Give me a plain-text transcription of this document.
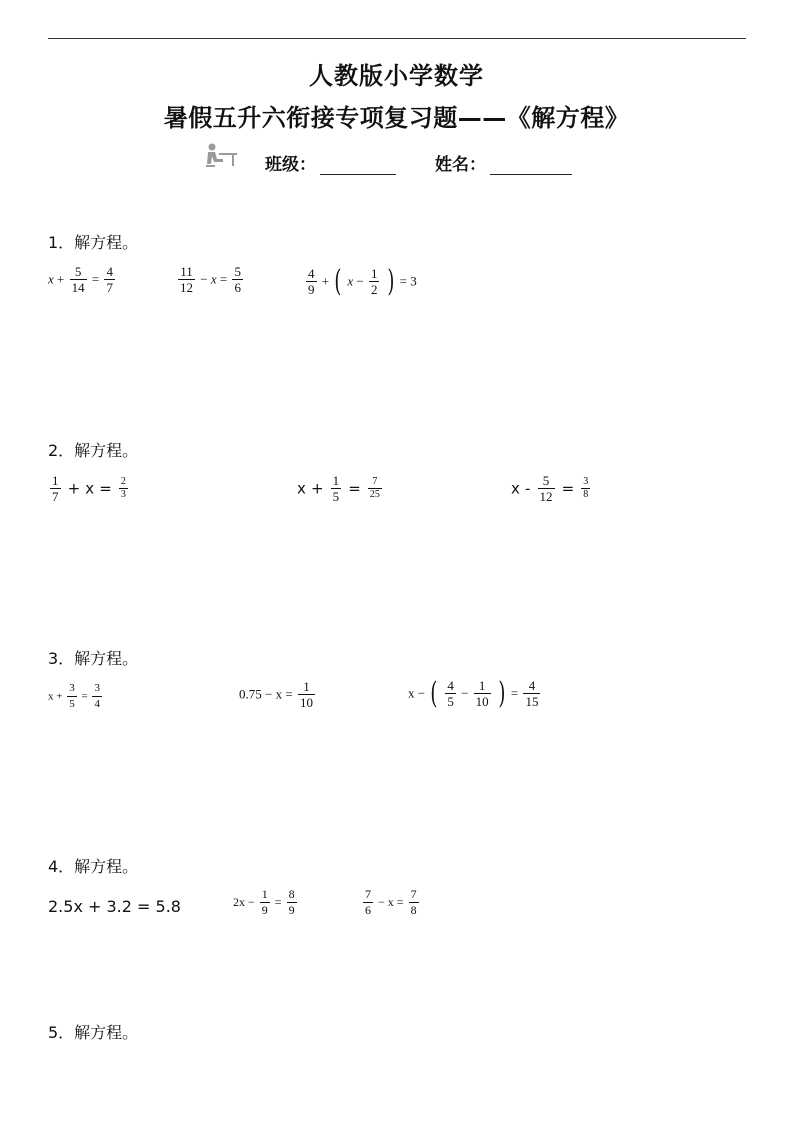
人教版小学数学
暑假五升六衔接专项复习题——《解方程》
班级：	姓名：
1．解方程。
$x + \frac{5}{14} = \frac{4}{7}$	$\frac{11}{12} - x = \frac{5}{6}$	$\frac{4}{9}$ + ( $x - \frac{1}{2}$ ) = 3
2．解方程。
$\frac{1}{7} + x = \frac{2}{3}$	$x + \frac{1}{5} = \frac{7}{25}$	$x - \frac{5}{12} = \frac{3}{8}$
3．解方程。
$x + \frac{3}{5} = \frac{3}{4}$	$0.75 - x = \frac{1}{10}$	x − ( $\frac{4}{5} - \frac{1}{10}$ ) = $\frac{4}{15}$
4．解方程。
2.5x + 3.2 = 5.8	$2x - \frac{1}{9} = \frac{8}{9}$	$\frac{7}{6} - x = \frac{7}{8}$
5．解方程。
